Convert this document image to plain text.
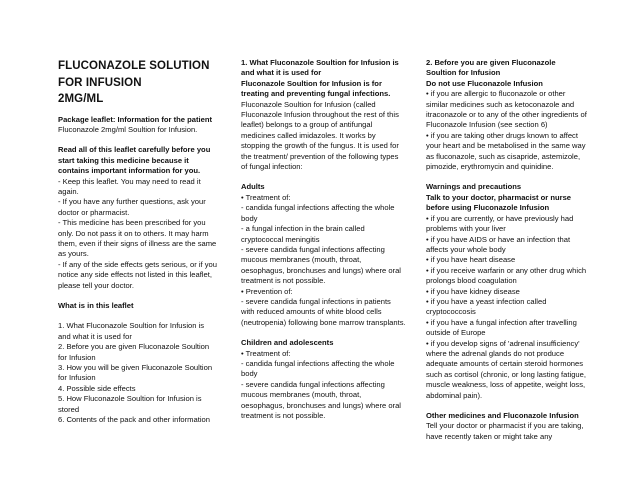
FLUCONAZOLE SOLUTION
FOR INFUSION
2MG/ML

Package leaflet: Information for the patient

Fluconazole 2mg/ml Soultion for Infusion.

Read all of this leaflet carefully before you start taking this medicine because it contains important information for you.

- Keep this leaflet. You may need to read it again.

- If you have any further questions, ask your doctor or pharmacist.

- This medicine has been prescribed for you only. Do not pass it on to others. It may harm them, even if their signs of illness are the same as yours.

- If any of the side effects gets serious, or if you notice any side effects not listed in this leaflet, please tell your doctor.

What is in this leaflet

1. What Fluconazole Soultion for Infusion is and what it is used for

2. Before you are given Fluconazole Soultion for Infusion

3. How you will be given Fluconazole Soultion for Infusion

4. Possible side effects

5. How Fluconazole Soultion for Infusion is stored

6. Contents of the pack and other information

1. What Fluconazole Soultion for Infusion is and what it is used for

Fluconazole Soultion for Infusion is for treating and preventing fungal infections.

Fluconazole Soultion for Infusion (called Fluconazole Infusion throughout the rest of this leaflet) belongs to a group of antifungal medicines called imidazoles. It works by stopping the growth of the fungus. It is used for the treatment/ prevention of the following types of fungal infection:

Adults

• Treatment of:

- candida fungal infections affecting the whole body

- a fungal infection in the brain called cryptococcal meningitis

- severe candida fungal infections affecting mucous membranes (mouth, throat, oesophagus, bronchuses and lungs) where oral treatment is not possible.

• Prevention of:

- severe candida fungal infections in patients with reduced amounts of white blood cells (neutropenia) following bone marrow transplants.

Children and adolescents

• Treatment of:

- candida fungal infections affecting the whole body

- severe candida fungal infections affecting mucous membranes (mouth, throat, oesophagus, bronchuses and lungs) where oral treatment is not possible.

2. Before you are given Fluconazole Soultion for Infusion

Do not use Fluconazole Infusion

• if you are allergic to fluconazole or other similar medicines such as ketoconazole and itraconazole or to any of the other ingredients of Fluconazole Infusion (see section 6)

• if you are taking other drugs known to affect your heart and be metabolised in the same way as fluconazole, such as cisapride, astemizole, pimozide, erythromycin and quinidine.

Warnings and precautions

Talk to your doctor, pharmacist or nurse before using Fluconazole Infusion

• if you are currently, or have previously had problems with your liver

• if you have AIDS or have an infection that affects your whole body

• if you have heart disease

• if you receive warfarin or any other drug which prolongs blood coagulation

• if you have kidney disease

• if you have a yeast infection called cryptococcosis

• if you have a fungal infection after travelling outside of Europe

• if you develop signs of 'adrenal insufficiency' where the adrenal glands do not produce adequate amounts of certain steroid hormones such as cortisol (chronic, or long lasting fatigue, muscle weakness, loss of appetite, weight loss, abdominal pain).

Other medicines and Fluconazole Infusion

Tell your doctor or pharmacist if you are taking, have recently taken or might take any
